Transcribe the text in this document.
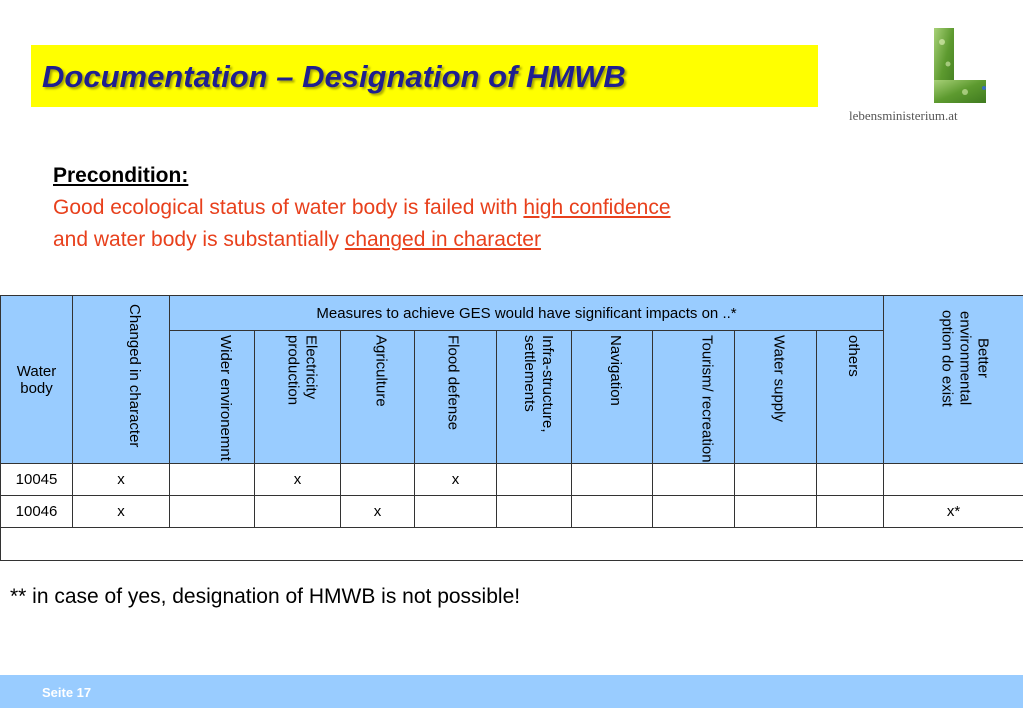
Documentation – Designation of HMWB
lebensministerium.at
Precondition:
Good ecological status of water body is failed with high confidence
and water body is substantially changed in character
Water body	Changed in character	Measures to achieve GES would have significant impacts on ..*									Better environmental option do exist

		Wider environemnt	Electricity production	Agriculture	Flood defense	Infra-structure, settlements	Navigation	Tourism/ recreation	Water supply	others	

10045	x		x		x						
10046	x			x							x*

** in case of yes, designation of HMWB is not possible!
Seite 17
